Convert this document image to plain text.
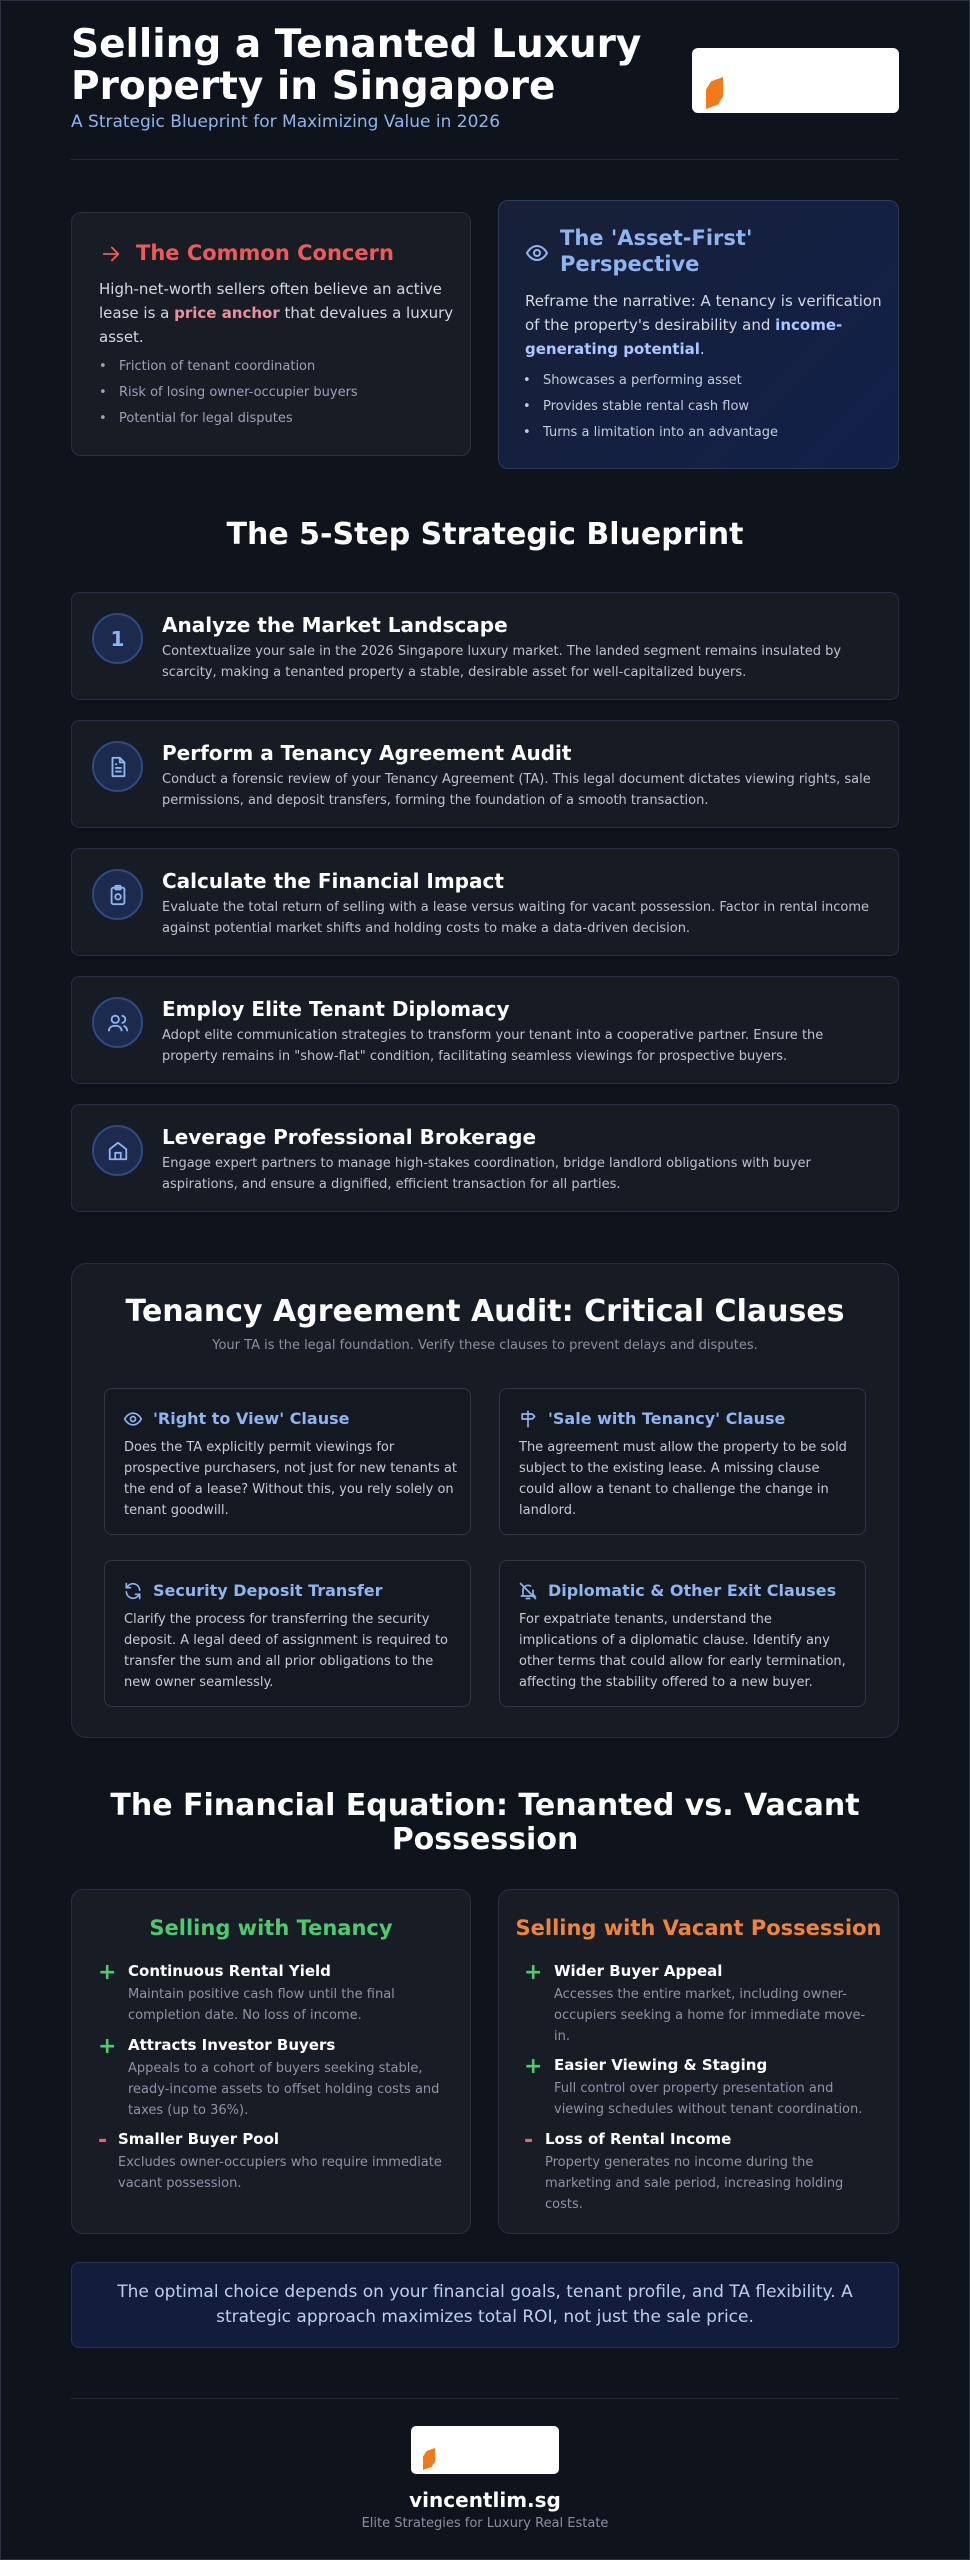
Selling a Tenanted Luxury Property in Singapore
A Strategic Blueprint for Maximizing Value in 2026
The Common Concern

High-net-worth sellers often believe an active lease is a price anchor that devalues a luxury asset.

• Friction of tenant coordination
• Risk of losing owner-occupier buyers
• Potential for legal disputes
The 'Asset-First' Perspective

Reframe the narrative: A tenancy is verification of the property's desirability and income-generating potential.

• Showcases a performing asset
• Provides stable rental cash flow
• Turns a limitation into an advantage
The 5-Step Strategic Blueprint
1
Analyze the Market Landscape
Contextualize your sale in the 2026 Singapore luxury market. The landed segment remains insulated by scarcity, making a tenanted property a stable, desirable asset for well-capitalized buyers.
Perform a Tenancy Agreement Audit
Conduct a forensic review of your Tenancy Agreement (TA). This legal document dictates viewing rights, sale permissions, and deposit transfers, forming the foundation of a smooth transaction.
Calculate the Financial Impact
Evaluate the total return of selling with a lease versus waiting for vacant possession. Factor in rental income against potential market shifts and holding costs to make a data-driven decision.
Employ Elite Tenant Diplomacy
Adopt elite communication strategies to transform your tenant into a cooperative partner. Ensure the property remains in "show-flat" condition, facilitating seamless viewings for prospective buyers.
Leverage Professional Brokerage
Engage expert partners to manage high-stakes coordination, bridge landlord obligations with buyer aspirations, and ensure a dignified, efficient transaction for all parties.
Tenancy Agreement Audit: Critical Clauses
Your TA is the legal foundation. Verify these clauses to prevent delays and disputes.
'Right to View' Clause
Does the TA explicitly permit viewings for prospective purchasers, not just for new tenants at the end of a lease? Without this, you rely solely on tenant goodwill.
'Sale with Tenancy' Clause
The agreement must allow the property to be sold subject to the existing lease. A missing clause could allow a tenant to challenge the change in landlord.
Security Deposit Transfer
Clarify the process for transferring the security deposit. A legal deed of assignment is required to transfer the sum and all prior obligations to the new owner seamlessly.
Diplomatic & Other Exit Clauses
For expatriate tenants, understand the implications of a diplomatic clause. Identify any other terms that could allow for early termination, affecting the stability offered to a new buyer.
The Financial Equation: Tenanted vs. Vacant Possession
Selling with Tenancy
+ Continuous Rental Yield
Maintain positive cash flow until the final completion date. No loss of income.
+ Attracts Investor Buyers
Appeals to a cohort of buyers seeking stable, ready-income assets to offset holding costs and taxes (up to 36%).
- Smaller Buyer Pool
Excludes owner-occupiers who require immediate vacant possession.
Selling with Vacant Possession
+ Wider Buyer Appeal
Accesses the entire market, including owner-occupiers seeking a home for immediate move-in.
+ Easier Viewing & Staging
Full control over property presentation and viewing schedules without tenant coordination.
- Loss of Rental Income
Property generates no income during the marketing and sale period, increasing holding costs.
The optimal choice depends on your financial goals, tenant profile, and TA flexibility. A strategic approach maximizes total ROI, not just the sale price.
vincentlim.sg
Elite Strategies for Luxury Real Estate
